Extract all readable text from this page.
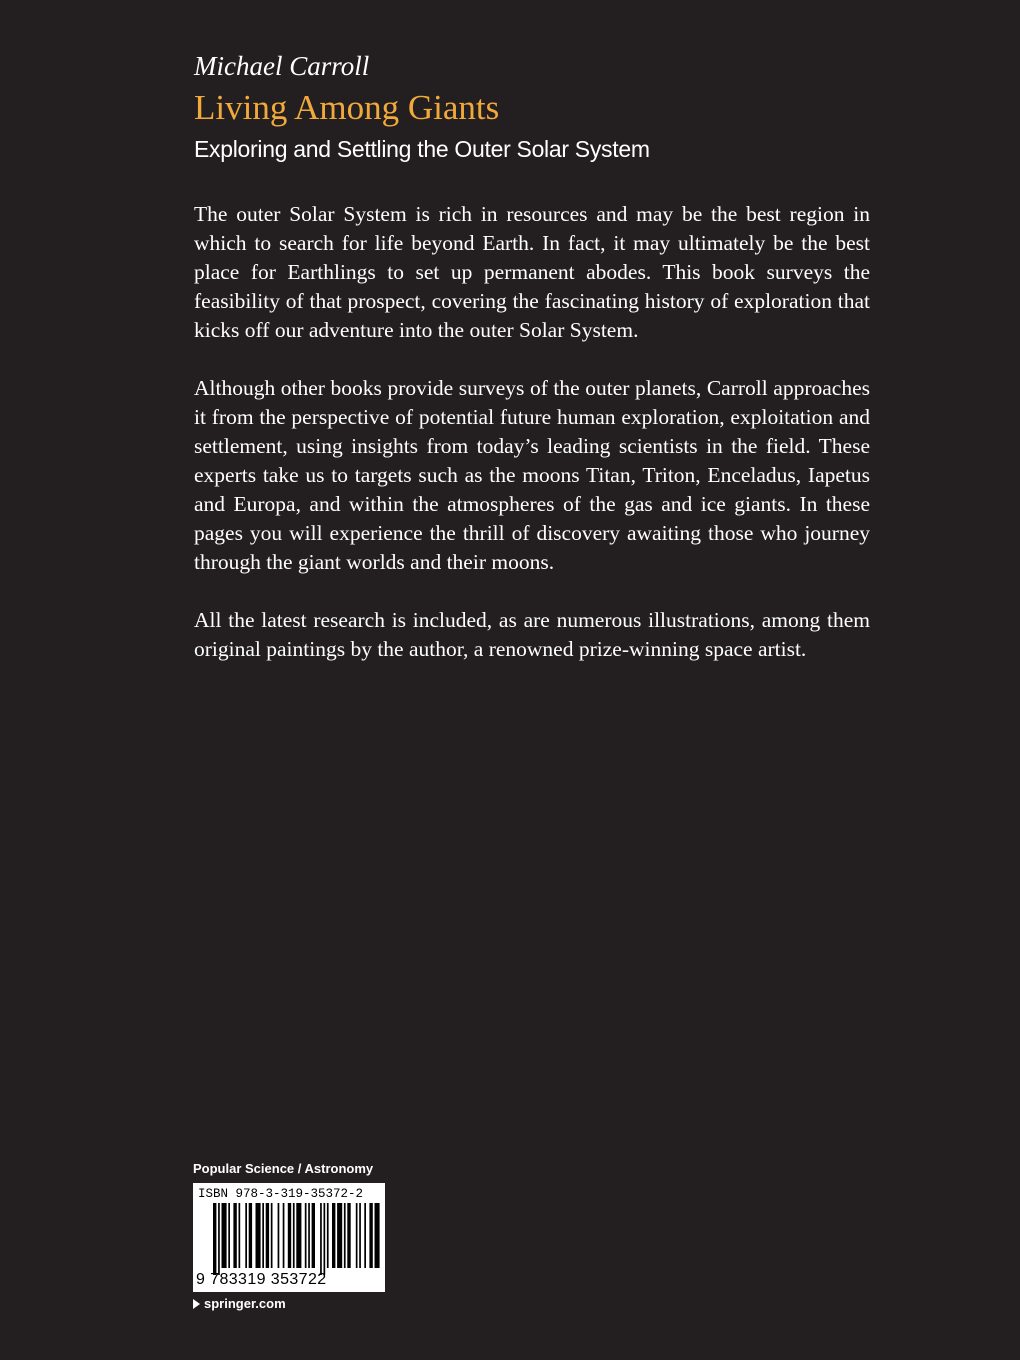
Michael Carroll
Living Among Giants
Exploring and Settling the Outer Solar System

The outer Solar System is rich in resources and may be the best region in which to search for life beyond Earth. In fact, it may ultimately be the best place for Earthlings to set up permanent abodes. This book surveys the feasibility of that prospect, covering the fascinating history of exploration that kicks off our adventure into the outer Solar System.

Although other books provide surveys of the outer planets, Carroll approaches it from the perspective of potential future human exploration, exploitation and settlement, using insights from today’s leading scientists in the field. These experts take us to targets such as the moons Titan, Triton, Enceladus, Iapetus and Europa, and within the atmospheres of the gas and ice giants. In these pages you will experience the thrill of discovery awaiting those who journey through the giant worlds and their moons.

All the latest research is included, as are numerous illustrations, among them original paintings by the author, a renowned prize-winning space artist.

Popular Science / Astronomy
ISBN 978-3-319-35372-2
9 783319 353722
springer.com
